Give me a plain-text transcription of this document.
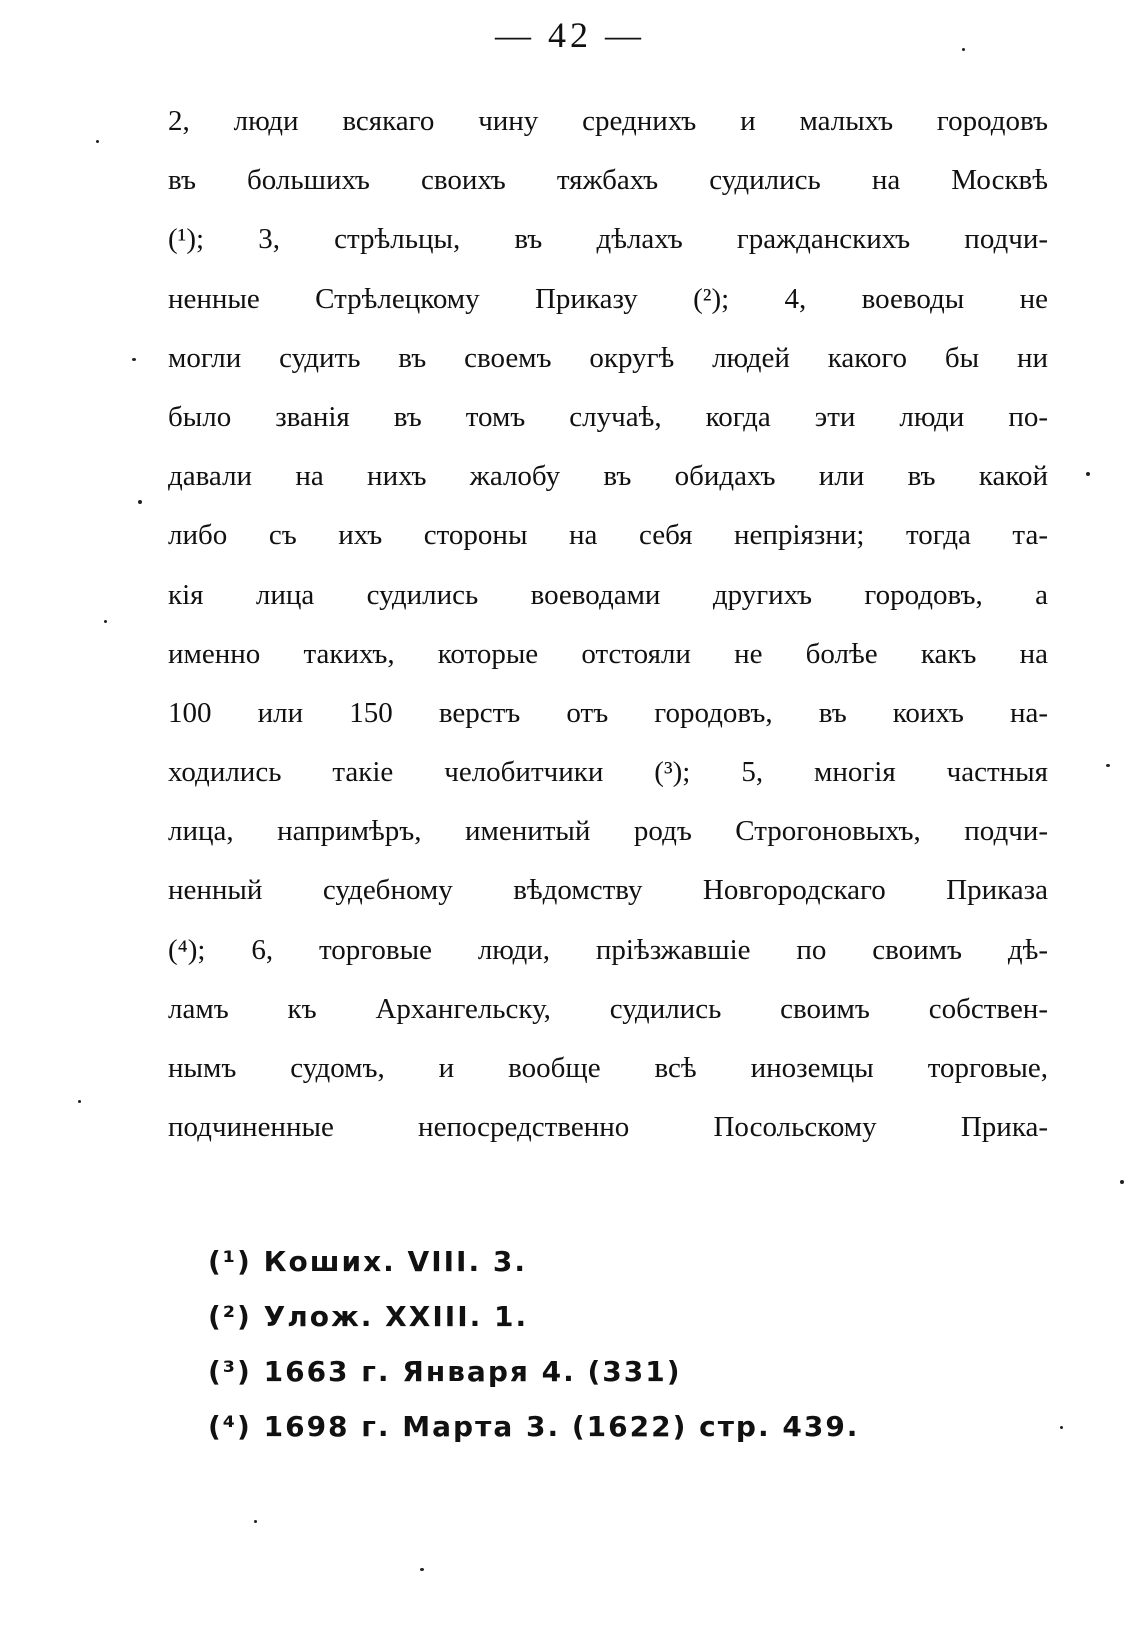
— 42 —
2, люди всякаго чину среднихъ и малыхъ городовъ
въ большихъ своихъ тяжбахъ судились на Москвѣ
(¹); 3, стрѣльцы, въ дѣлахъ гражданскихъ подчи-
ненные Стрѣлецкому Приказу (²); 4, воеводы не
могли судить въ своемъ округѣ людей какого бы ни
было званія въ томъ случаѣ, когда эти люди по-
давали на нихъ жалобу въ обидахъ или въ какой
либо съ ихъ стороны на себя непріязни; тогда та-
кія лица судились воеводами другихъ городовъ, а
именно такихъ, которые отстояли не болѣе какъ на
100 или 150 верстъ отъ городовъ, въ коихъ на-
ходились такіе челобитчики (³); 5, многія частныя
лица, напримѣръ, именитый родъ Строгоновыхъ, подчи-
ненный судебному вѣдомству Новгородскаго Приказа
(⁴); 6, торговые люди, пріѣзжавшіе по своимъ дѣ-
ламъ къ Архангельску, судились своимъ собствен-
нымъ судомъ, и вообще всѣ иноземцы торговые,
подчиненные непосредственно Посольскому Прика-
(¹) Коших. VIII. 3.
(²) Улож. XXIII. 1.
(³) 1663 г. Января 4. (331)
(⁴) 1698 г. Марта 3. (1622) стр. 439.
